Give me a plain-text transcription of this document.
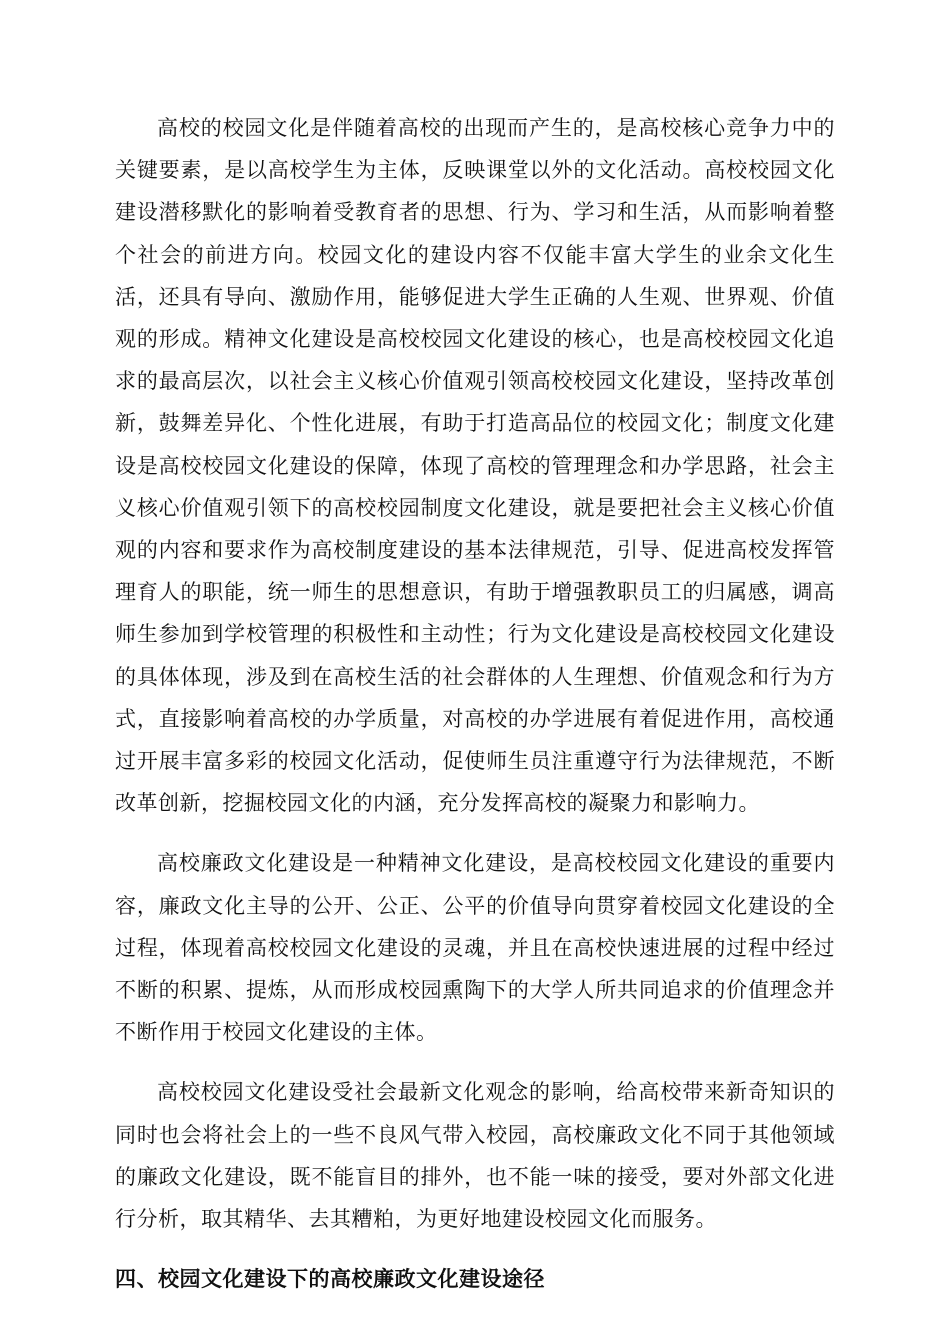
高校的校园文化是伴随着高校的出现而产生的，是高校核心竞争力中的关键要素，是以高校学生为主体，反映课堂以外的文化活动。高校校园文化建设潜移默化的影响着受教育者的思想、行为、学习和生活，从而影响着整个社会的前进方向。校园文化的建设内容不仅能丰富大学生的业余文化生活，还具有导向、激励作用，能够促进大学生正确的人生观、世界观、价值观的形成。精神文化建设是高校校园文化建设的核心，也是高校校园文化追求的最高层次，以社会主义核心价值观引领高校校园文化建设，坚持改革创新，鼓舞差异化、个性化进展，有助于打造高品位的校园文化；制度文化建设是高校校园文化建设的保障，体现了高校的管理理念和办学思路，社会主义核心价值观引领下的高校校园制度文化建设，就是要把社会主义核心价值观的内容和要求作为高校制度建设的基本法律规范，引导、促进高校发挥管理育人的职能，统一师生的思想意识，有助于增强教职员工的归属感，调高师生参加到学校管理的积极性和主动性；行为文化建设是高校校园文化建设的具体体现，涉及到在高校生活的社会群体的人生理想、价值观念和行为方式，直接影响着高校的办学质量，对高校的办学进展有着促进作用，高校通过开展丰富多彩的校园文化活动，促使师生员注重遵守行为法律规范，不断改革创新，挖掘校园文化的内涵，充分发挥高校的凝聚力和影响力。

高校廉政文化建设是一种精神文化建设，是高校校园文化建设的重要内容，廉政文化主导的公开、公正、公平的价值导向贯穿着校园文化建设的全过程，体现着高校校园文化建设的灵魂，并且在高校快速进展的过程中经过不断的积累、提炼，从而形成校园熏陶下的大学人所共同追求的价值理念并不断作用于校园文化建设的主体。

高校校园文化建设受社会最新文化观念的影响，给高校带来新奇知识的同时也会将社会上的一些不良风气带入校园，高校廉政文化不同于其他领域的廉政文化建设，既不能盲目的排外，也不能一味的接受，要对外部文化进行分析，取其精华、去其糟粕，为更好地建设校园文化而服务。

四、校园文化建设下的高校廉政文化建设途径
